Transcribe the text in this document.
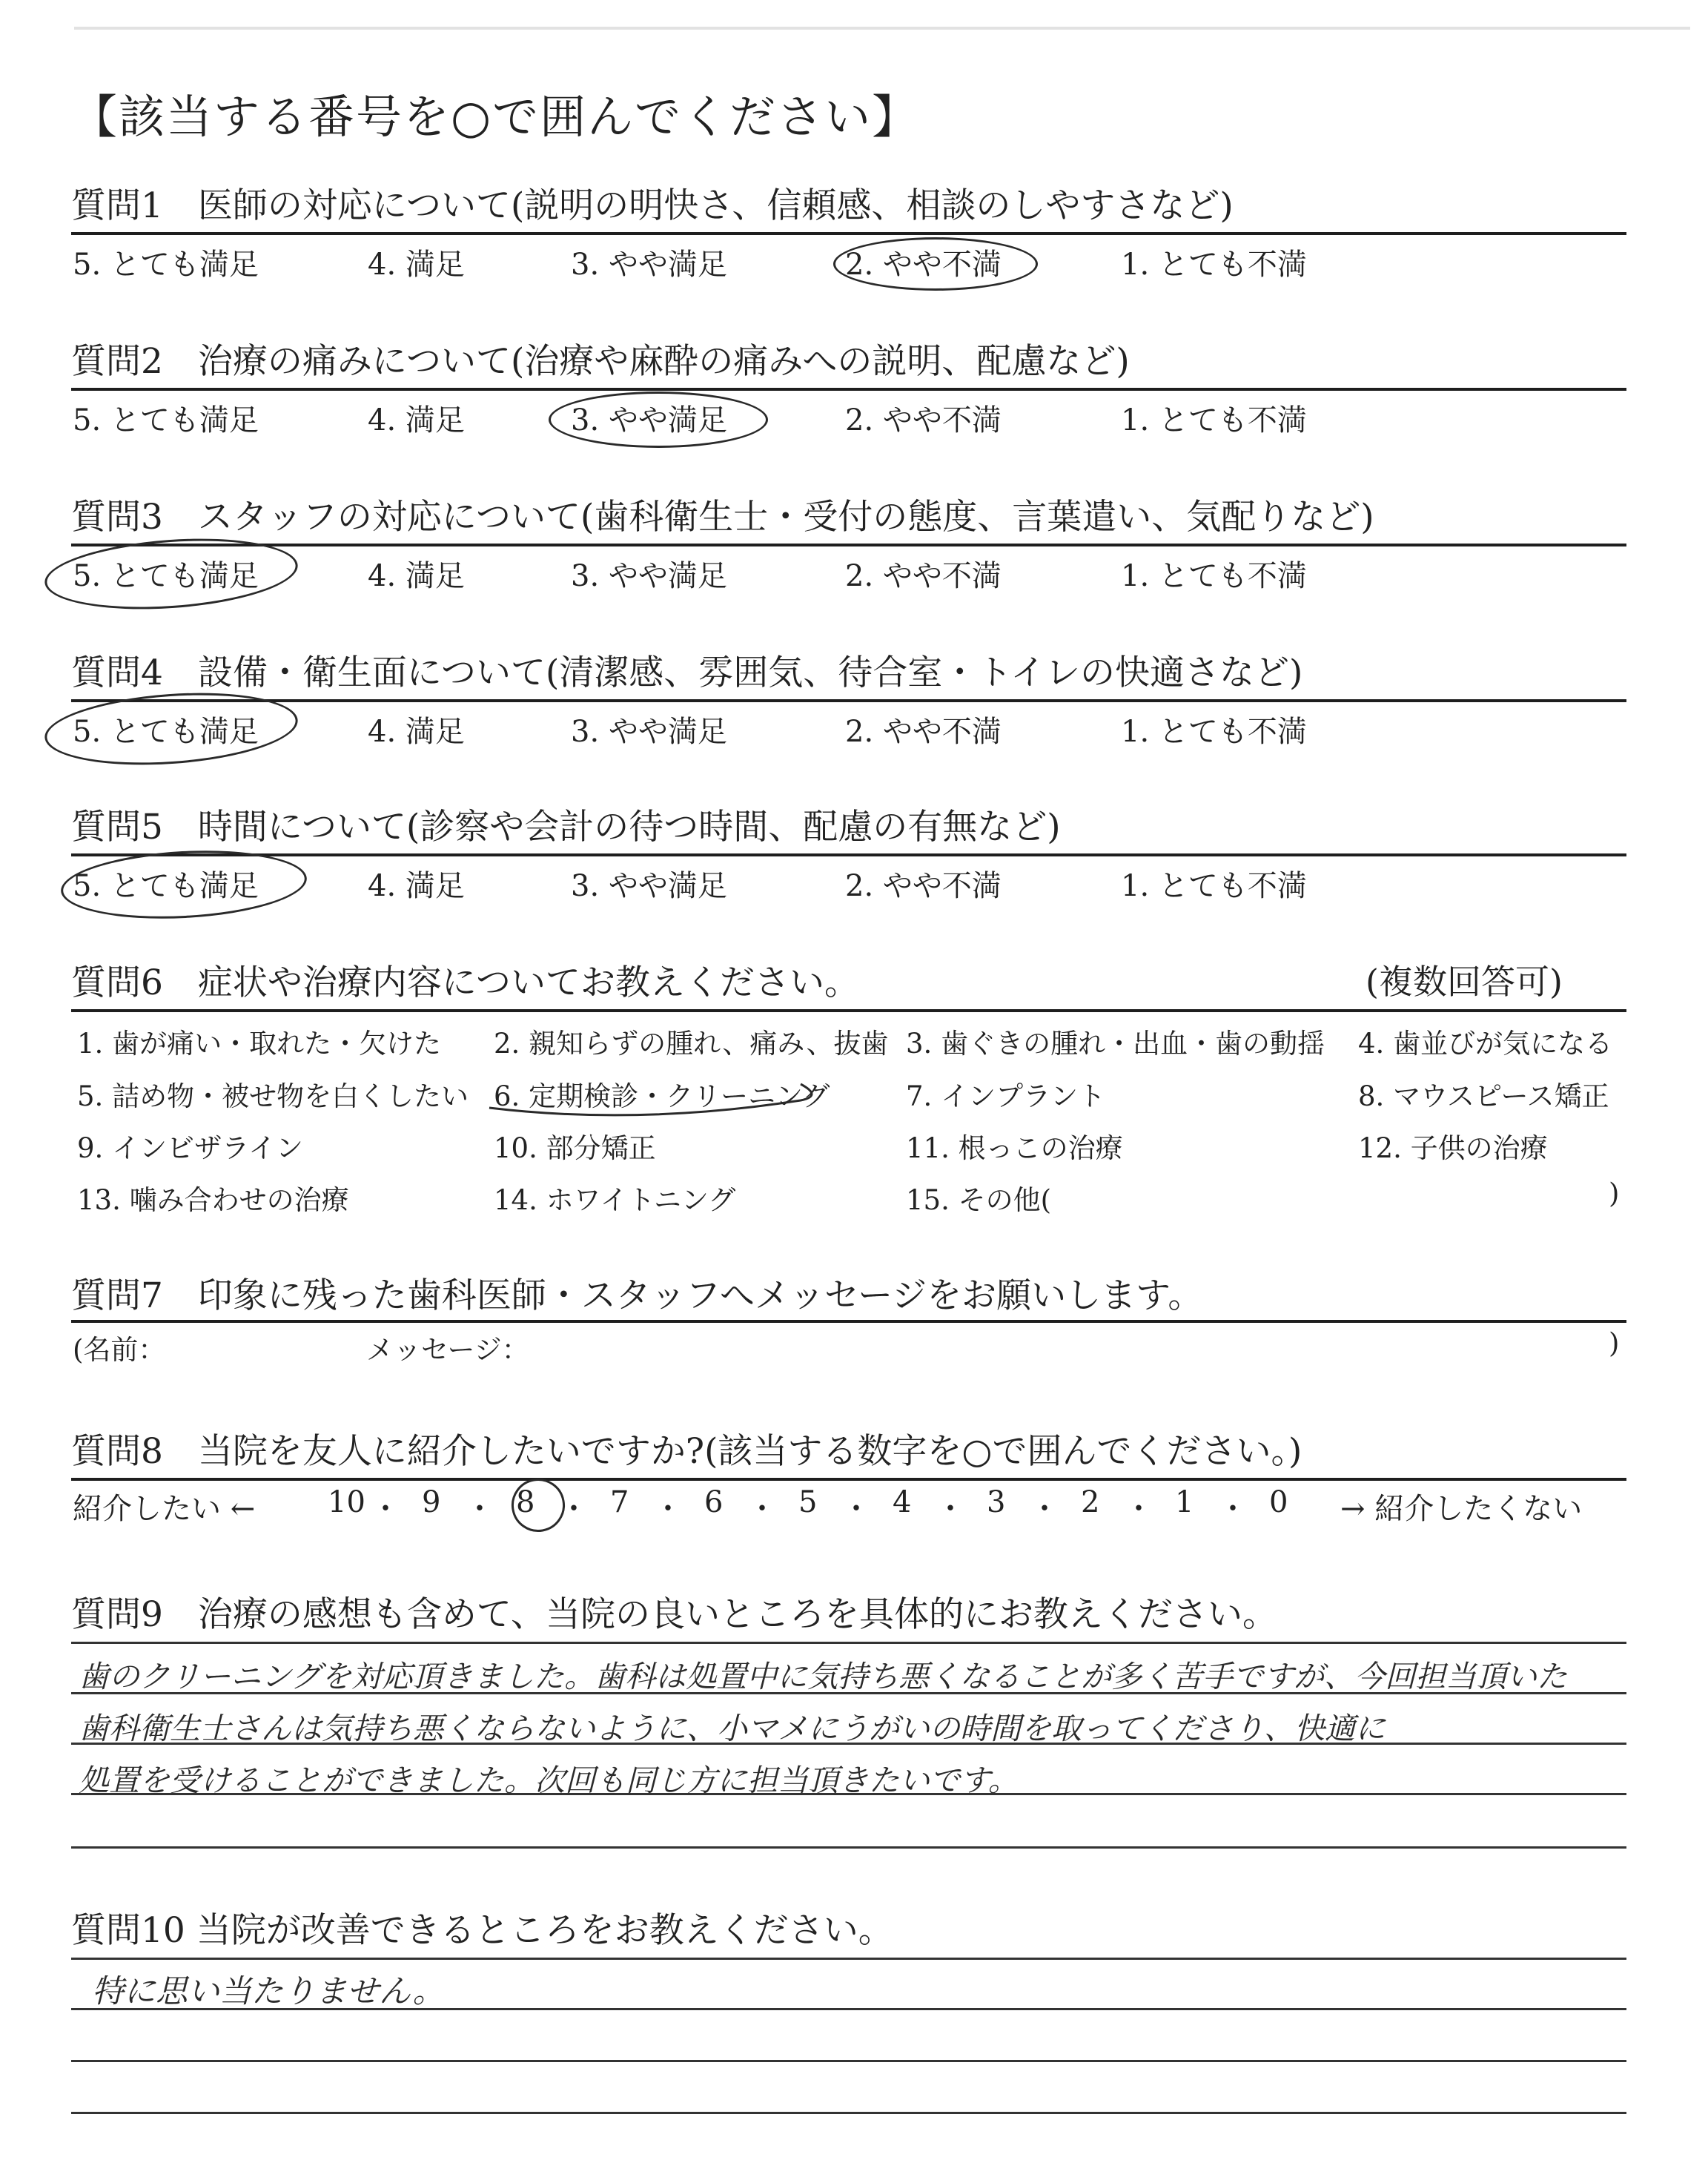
【該当する番号を○で囲んでください】
質問1　医師の対応について(説明の明快さ、信頼感、相談のしやすさなど)
5. とても満足	4. 満足	3. やや満足	2. やや不満	1. とても不満
質問2　治療の痛みについて(治療や麻酔の痛みへの説明、配慮など)
5. とても満足	4. 満足	3. やや満足	2. やや不満	1. とても不満
質問3　スタッフの対応について(歯科衛生士・受付の態度、言葉遣い、気配りなど)
5. とても満足	4. 満足	3. やや満足	2. やや不満	1. とても不満
質問4　設備・衛生面について(清潔感、雰囲気、待合室・トイレの快適さなど)
5. とても満足	4. 満足	3. やや満足	2. やや不満	1. とても不満
質問5　時間について(診察や会計の待つ時間、配慮の有無など)
5. とても満足	4. 満足	3. やや満足	2. やや不満	1. とても不満
質問6　症状や治療内容についてお教えください。	(複数回答可)
1. 歯が痛い・取れた・欠けた 2. 親知らずの腫れ、痛み、抜歯 3. 歯ぐきの腫れ・出血・歯の動揺 4. 歯並びが気になる
5. 詰め物・被せ物を白くしたい 6. 定期検診・クリーニング	7. インプラント	8. マウスピース矯正
9. インビザライン	10. 部分矯正	11. 根っこの治療	12. 子供の治療
13. 噛み合わせの治療	14. ホワイトニング	15. その他(	)
質問7　印象に残った歯科医師・スタッフへメッセージをお願いします。
(名前：	メッセージ：	)
質問8　当院を友人に紹介したいですか?(該当する数字を○で囲んでください。)
紹介したい ←	→ 紹介したくない
10 ・ 9 ・ 8 ・ 7 ・ 6 ・ 5 ・ 4 ・ 3 ・ 2 ・ 1 ・ 0
質問9　治療の感想も含めて、当院の良いところを具体的にお教えください。
歯のクリーニングを対応頂きました。歯科は処置中に気持ち悪くなることが多く苦手ですが、今回担当頂いた
歯科衛生士さんは気持ち悪くならないように、小マメにうがいの時間を取ってくださり、快適に
処置を受けることができました。次回も同じ方に担当頂きたいです。
質問10 当院が改善できるところをお教えください。
特に思い当たりません。
